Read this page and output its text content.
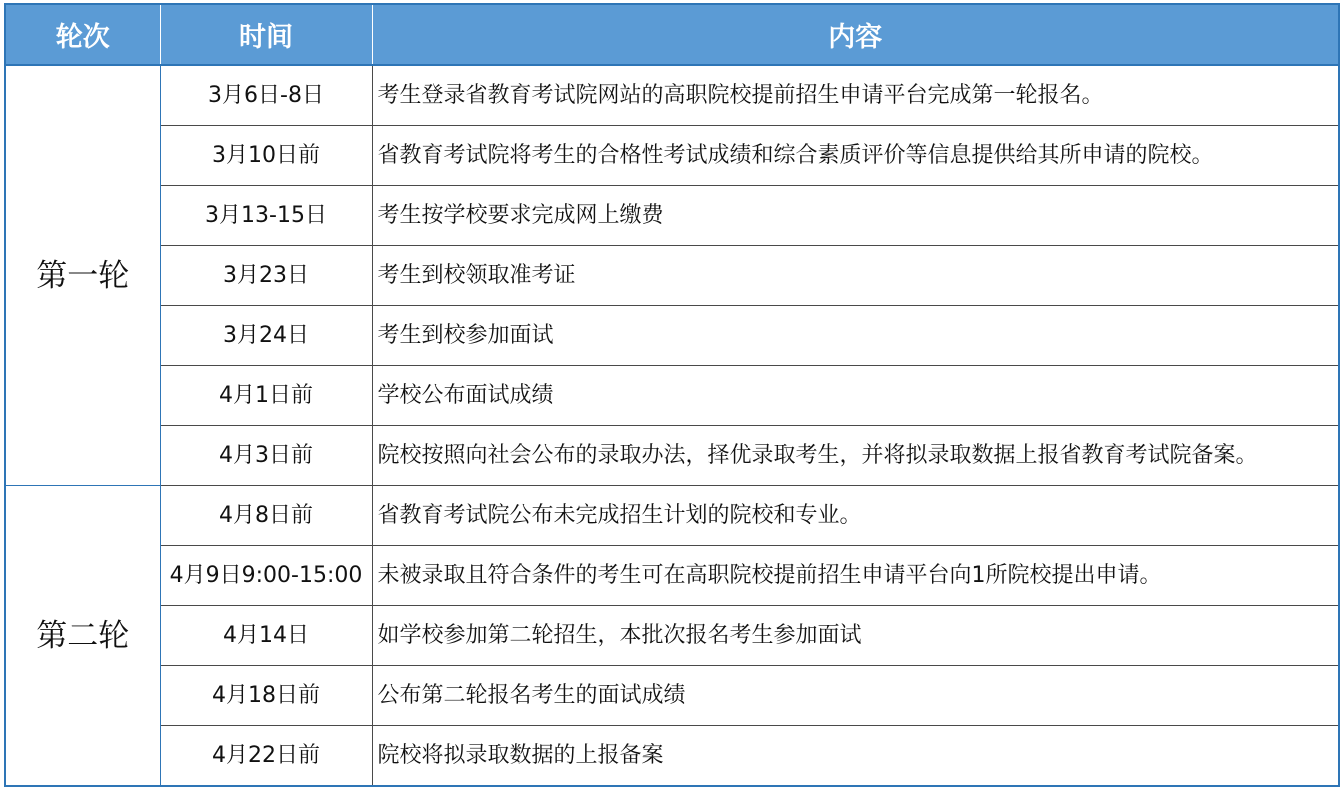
轮次	时间	内容
第一轮	3月6日-8日	考生登录省教育考试院网站的高职院校提前招生申请平台完成第一轮报名。
	3月10日前	省教育考试院将考生的合格性考试成绩和综合素质评价等信息提供给其所申请的院校。
	3月13-15日	考生按学校要求完成网上缴费
	3月23日	考生到校领取准考证
	3月24日	考生到校参加面试
	4月1日前	学校公布面试成绩
	4月3日前	院校按照向社会公布的录取办法，择优录取考生，并将拟录取数据上报省教育考试院备案。
第二轮	4月8日前	省教育考试院公布未完成招生计划的院校和专业。
	4月9日9:00-15:00	未被录取且符合条件的考生可在高职院校提前招生申请平台向1所院校提出申请。
	4月14日	如学校参加第二轮招生，本批次报名考生参加面试
	4月18日前	公布第二轮报名考生的面试成绩
	4月22日前	院校将拟录取数据的上报备案
